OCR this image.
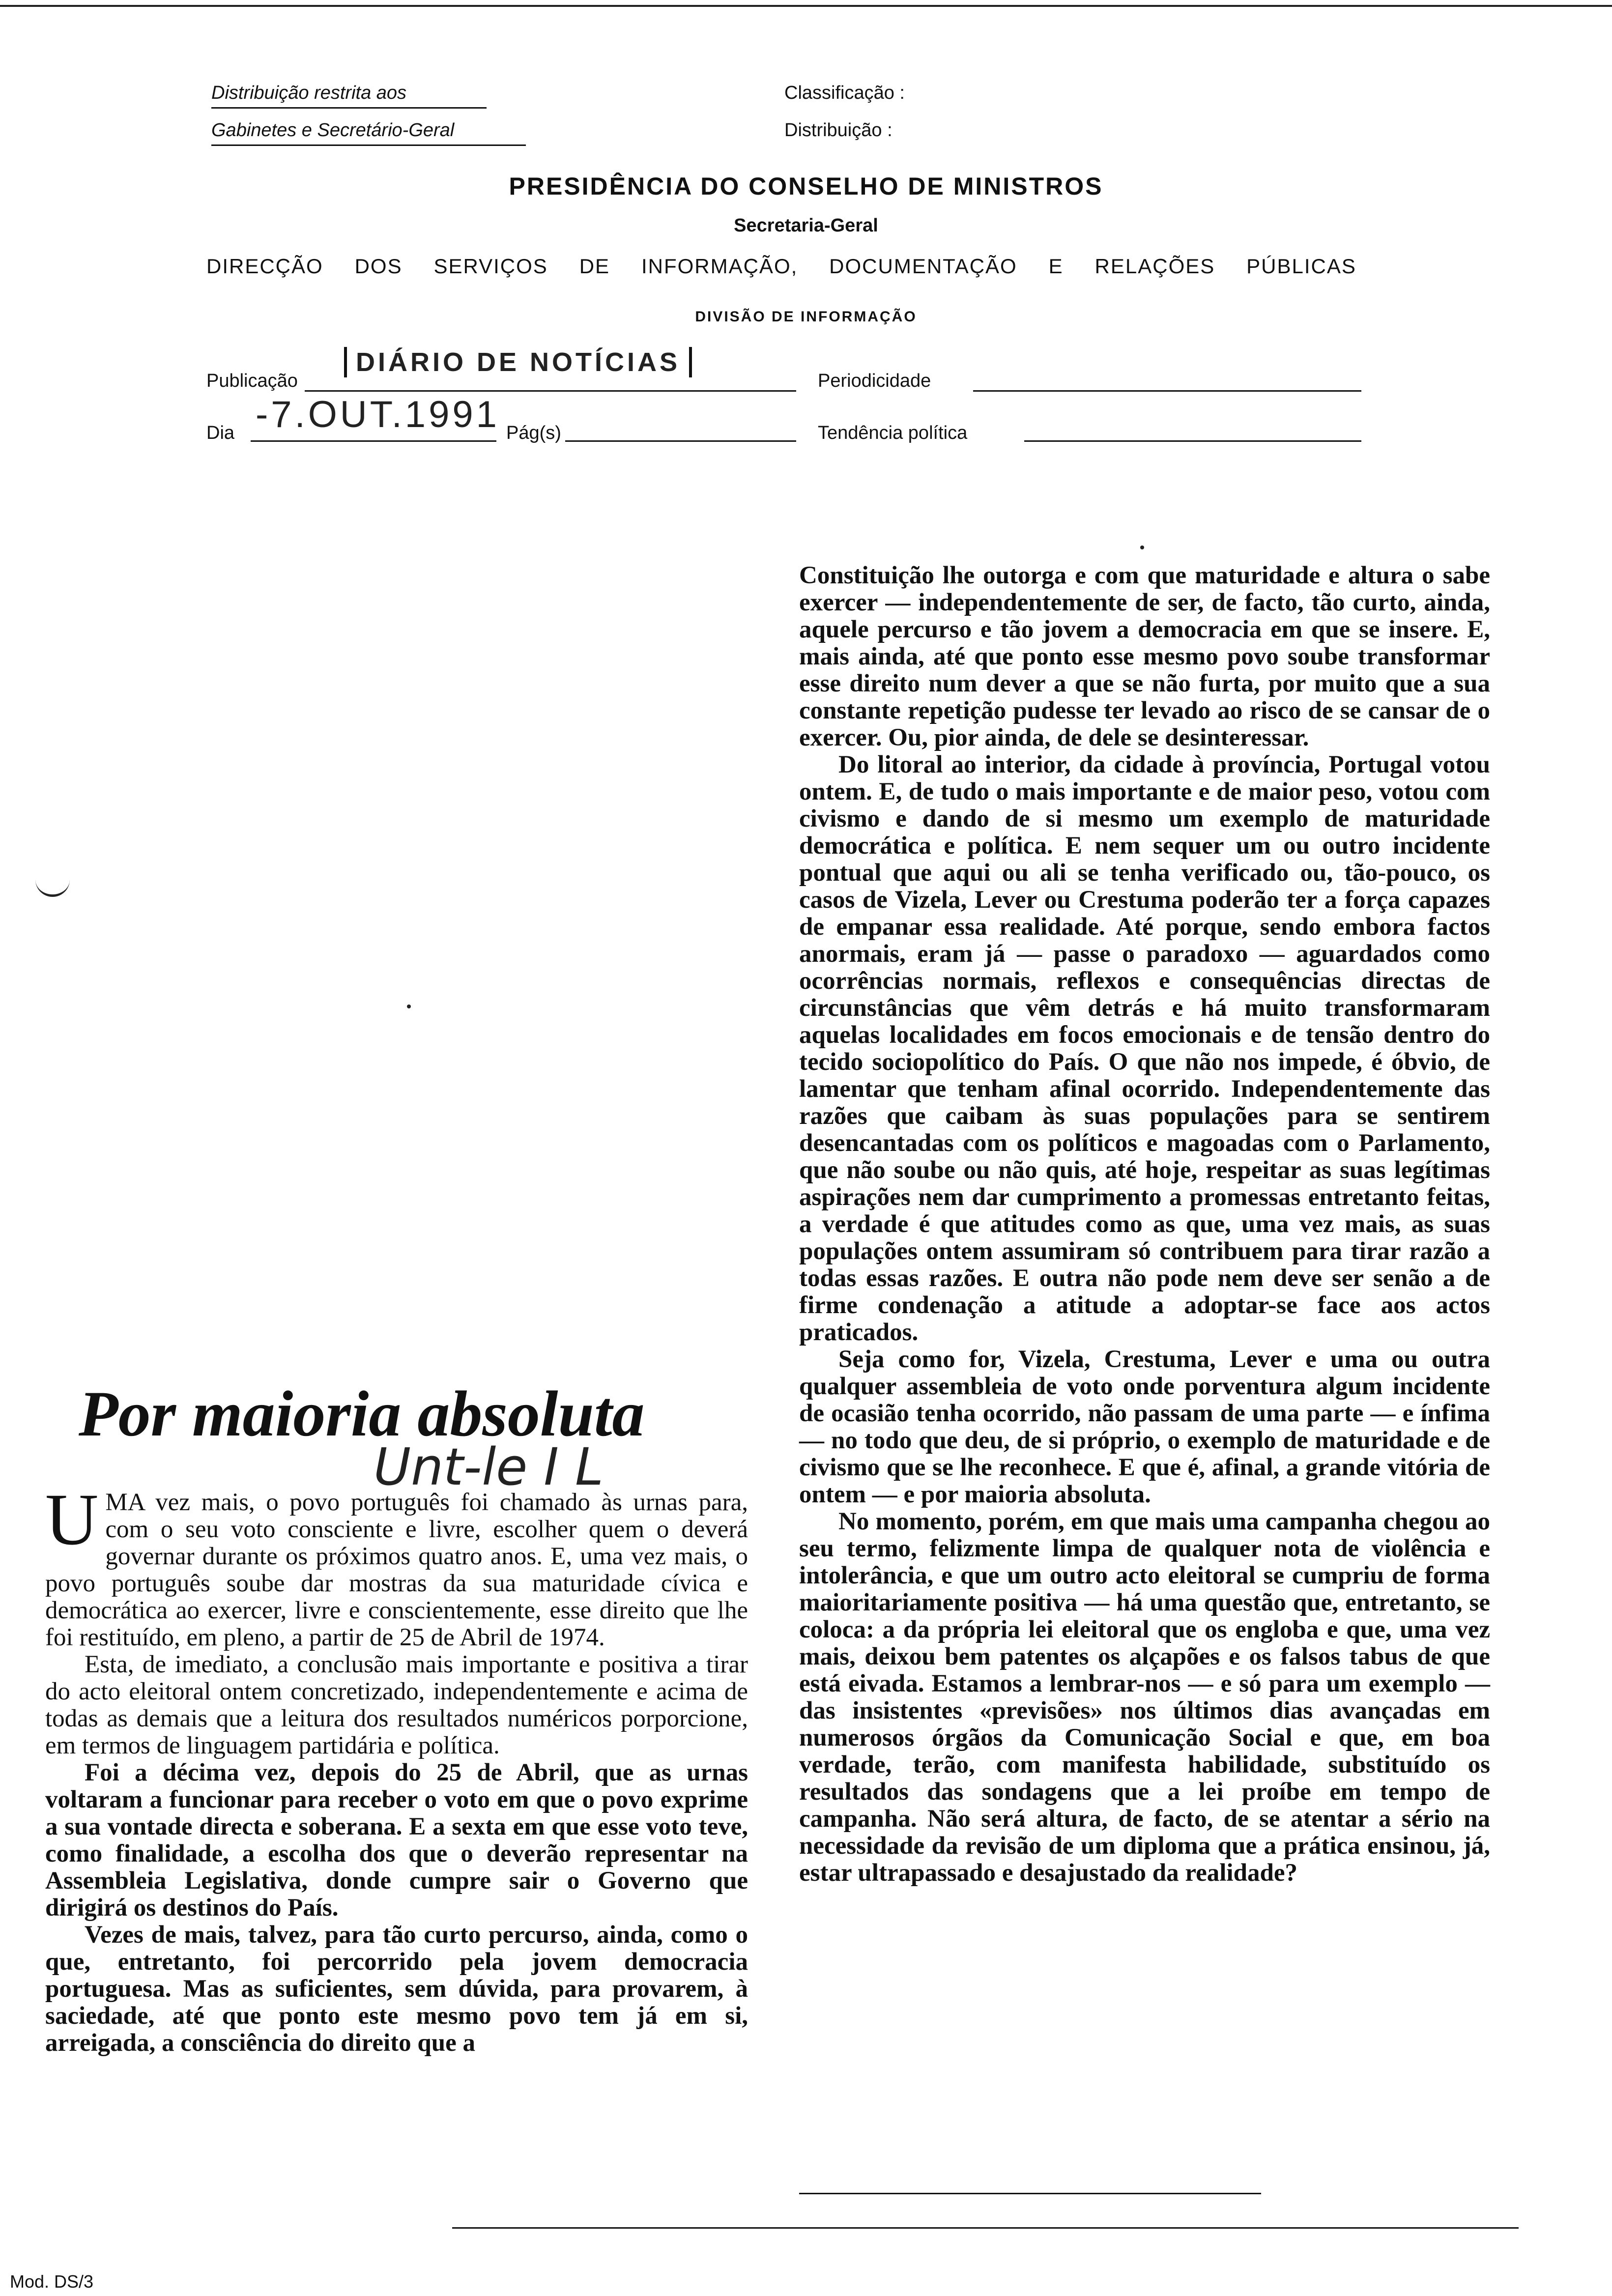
Distribuição restrita aos
Gabinetes e Secretário-Geral
Classificação :
Distribuição :
PRESIDÊNCIA DO CONSELHO DE MINISTROS
Secretaria-Geral
DIRECÇÃO DOS SERVIÇOS DE INFORMAÇÃO, DOCUMENTAÇÃO E RELAÇÕES PÚBLICAS
DIVISÃO DE INFORMAÇÃO
Publicação
DIÁRIO DE NOTÍCIAS
Periodicidade
Dia -7.OUT.1991 Pág(s)	Tendência política
Por maioria absoluta
Unt-le I L

UMA vez mais, o povo português foi chamado às urnas para, com o seu voto consciente e livre, escolher quem o deverá governar durante os próximos quatro anos. E, uma vez mais, o povo português soube dar mostras da sua maturidade cívica e democrática ao exercer, livre e conscientemente, esse direito que lhe foi restituído, em pleno, a partir de 25 de Abril de 1974.

Esta, de imediato, a conclusão mais importante e positiva a tirar do acto eleitoral ontem concretizado, independentemente e acima de todas as demais que a leitura dos resultados numéricos porporcione, em termos de linguagem partidária e política.

Foi a décima vez, depois do 25 de Abril, que as urnas voltaram a funcionar para receber o voto em que o povo exprime a sua vontade directa e soberana. E a sexta em que esse voto teve, como finalidade, a escolha dos que o deverão representar na Assembleia Legislativa, donde cumpre sair o Governo que dirigirá os destinos do País.

Vezes de mais, talvez, para tão curto percurso, ainda, como o que, entretanto, foi percorrido pela jovem democracia portuguesa. Mas as suficientes, sem dúvida, para provarem, à saciedade, até que ponto este mesmo povo tem já em si, arreigada, a consciência do direito que a

Constituição lhe outorga e com que maturidade e altura o sabe exercer — independentemente de ser, de facto, tão curto, ainda, aquele percurso e tão jovem a democracia em que se insere. E, mais ainda, até que ponto esse mesmo povo soube transformar esse direito num dever a que se não furta, por muito que a sua constante repetição pudesse ter levado ao risco de se cansar de o exercer. Ou, pior ainda, de dele se desinteressar.

Do litoral ao interior, da cidade à província, Portugal votou ontem. E, de tudo o mais importante e de maior peso, votou com civismo e dando de si mesmo um exemplo de maturidade democrática e política. E nem sequer um ou outro incidente pontual que aqui ou ali se tenha verificado ou, tão-pouco, os casos de Vizela, Lever ou Crestuma poderão ter a força capazes de empanar essa realidade. Até porque, sendo embora factos anormais, eram já — passe o paradoxo — aguardados como ocorrências normais, reflexos e consequências directas de circunstâncias que vêm detrás e há muito transformaram aquelas localidades em focos emocionais e de tensão dentro do tecido sociopolítico do País. O que não nos impede, é óbvio, de lamentar que tenham afinal ocorrido. Independentemente das razões que caibam às suas populações para se sentirem desencantadas com os políticos e magoadas com o Parlamento, que não soube ou não quis, até hoje, respeitar as suas legítimas aspirações nem dar cumprimento a promessas entretanto feitas, a verdade é que atitudes como as que, uma vez mais, as suas populações ontem assumiram só contribuem para tirar razão a todas essas razões. E outra não pode nem deve ser senão a de firme condenação a atitude a adoptar-se face aos actos praticados.

Seja como for, Vizela, Crestuma, Lever e uma ou outra qualquer assembleia de voto onde porventura algum incidente de ocasião tenha ocorrido, não passam de uma parte — e ínfima — no todo que deu, de si próprio, o exemplo de maturidade e de civismo que se lhe reconhece. E que é, afinal, a grande vitória de ontem — e por maioria absoluta.

No momento, porém, em que mais uma campanha chegou ao seu termo, felizmente limpa de qualquer nota de violência e intolerância, e que um outro acto eleitoral se cumpriu de forma maioritariamente positiva — há uma questão que, entretanto, se coloca: a da própria lei eleitoral que os engloba e que, uma vez mais, deixou bem patentes os alçapões e os falsos tabus de que está eivada. Estamos a lembrar-nos — e só para um exemplo — das insistentes «previsões» nos últimos dias avançadas em numerosos órgãos da Comunicação Social e que, em boa verdade, terão, com manifesta habilidade, substituído os resultados das sondagens que a lei proíbe em tempo de campanha. Não será altura, de facto, de se atentar a sério na necessidade da revisão de um diploma que a prática ensinou, já, estar ultrapassado e desajustado da realidade?

Mod. DS/3
